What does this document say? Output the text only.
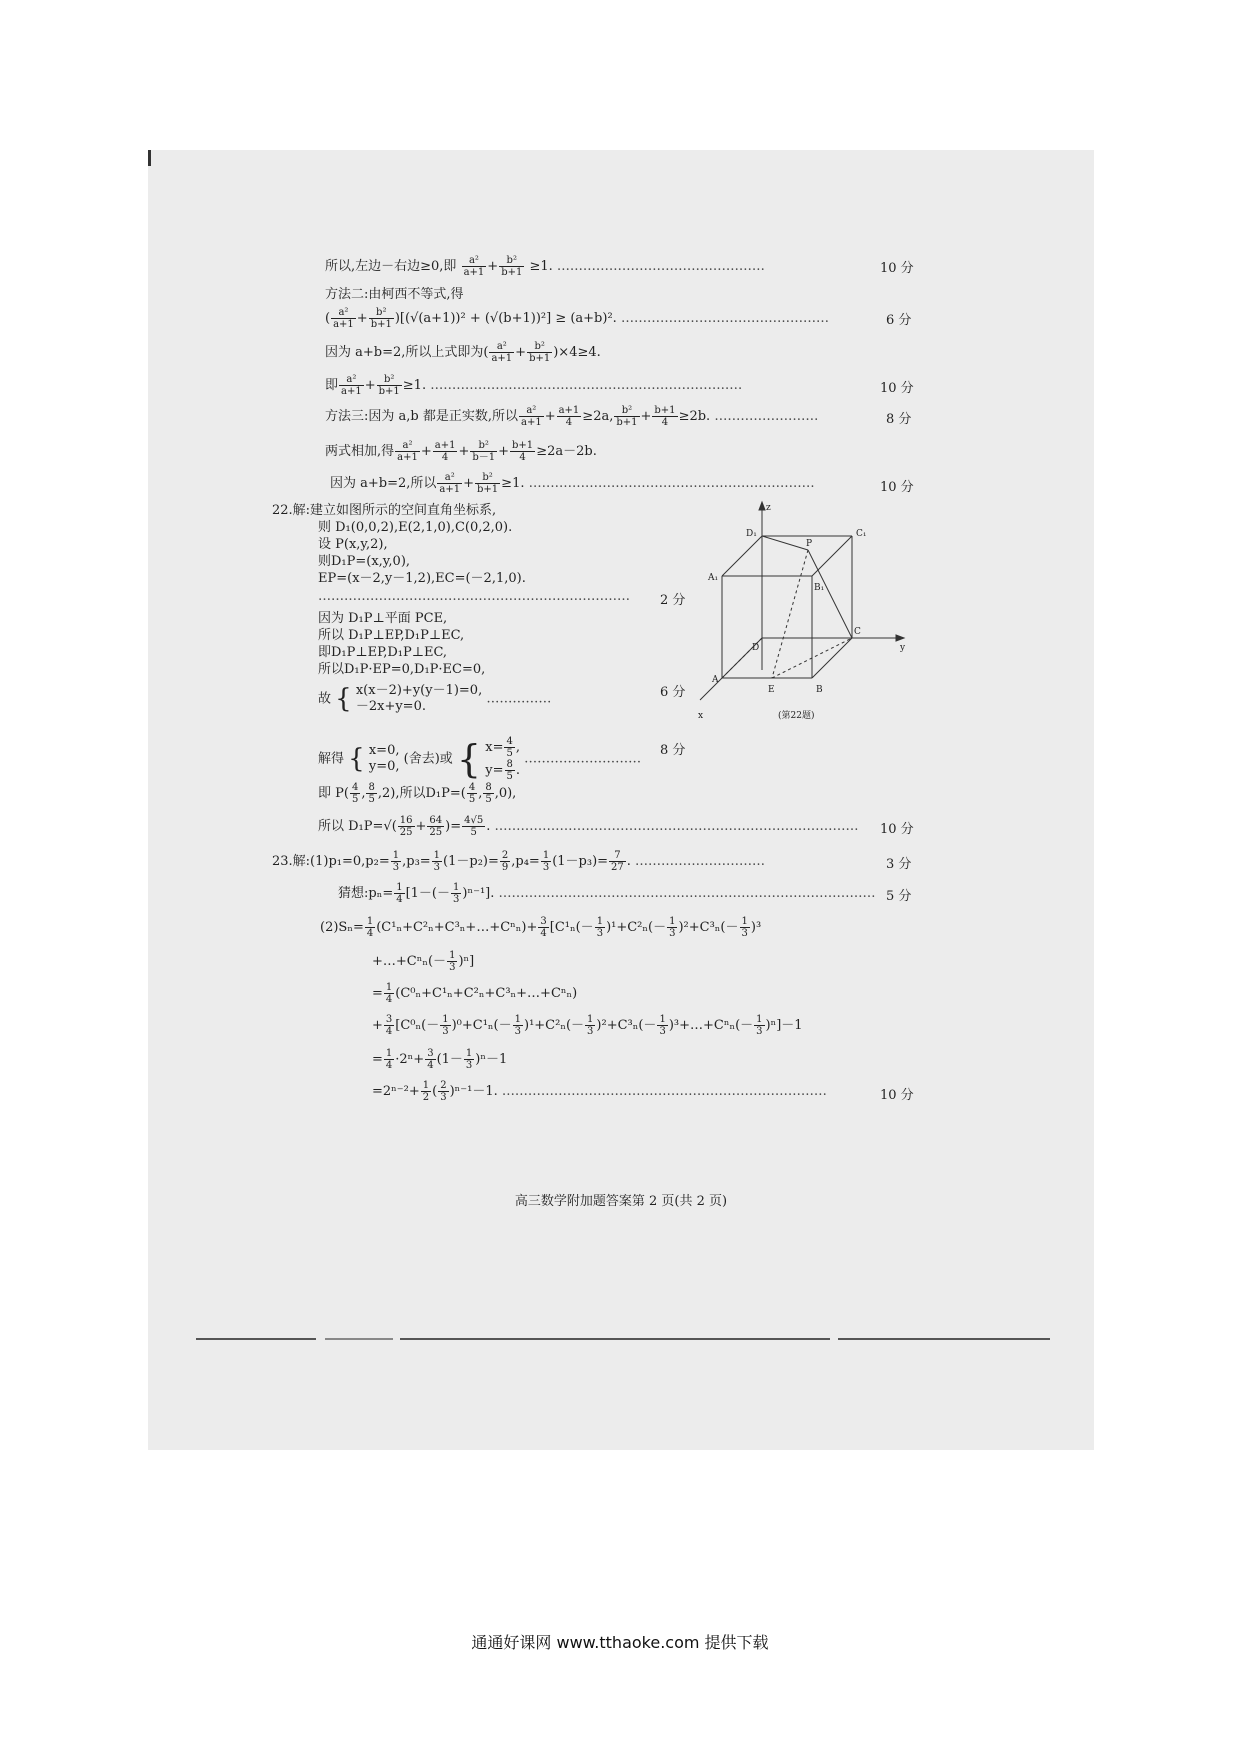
所以,左边－右边≥0,即 $\frac{\text{a²}}{a+1} + \frac{\text{b²}}{b+1} \ge 1$. …………………………………………	10 分
方法二:由柯西不等式,得
( $\frac{\text{a²}}{a+1} + \frac{\text{b²}}{b+1} )[(√(a+1))^2 + (√(b+1))^2] \ge (a+b)^2$. …………………………………………	6 分
因为 a+b=2,所以上式即为( $\frac{\text{a²}}{a+1} + \frac{\text{b²}}{b+1} )\times 4\ge 4$.
即 $\frac{\text{a²}}{a+1} + \frac{\text{b²}}{b+1} \ge 1$. ………………………………………………………………	10 分
方法三:因为 a,b 都是正实数,所以 $\frac{\text{a²}}{a+1} + \frac{a+1}{4} \ge 2a$, $\frac{\text{b²}}{b+1} + \frac{b+1}{4} \ge 2b$. ……………………	8 分
两式相加,得 $\frac{\text{a²}}{a+1} + \frac{a+1}{4} + \frac{\text{b²}}{b-1} + \frac{b+1}{4} \ge 2a-2b$.
因为 a+b=2,所以 $\frac{\text{a²}}{a+1} + \frac{\text{b²}}{b+1} \ge 1$. …………………………………………………………	10 分
22.解:建立如图所示的空间直角坐标系,
则 D₁(0,0,2),E(2,1,0),C(0,2,0).
设 P(x,y,2),
则D₁P=(x,y,0),
EP=(x－2,y－1,2),EC=(－2,1,0).
……………………………………………………………… 2 分
因为 D₁P⊥平面 PCE,
所以 D₁P⊥EP,D₁P⊥EC,
即D₁P⊥EP,D₁P⊥EC,
所以D₁P·EP=0,D₁P·EC=0,
故 { x(x－2)+y(y－1)=0,
－2x+y=0.	……………	6 分
解得 { x=0,
y=0, (舍去)或 { $x= \frac{4}{5}$ ,
$y= \frac{8}{5}$ . ………………………
8 分
即 $P( \frac{4}{5}$ , $\frac{8}{5} ,2$),所以$D_1P=( \frac{4}{5}$ , $\frac{8}{5} ,0$),
所以 $D_1P=√( \frac{16}{25} + \frac{64}{25}$ )= $\frac{4√5}{5}$ . ………………………………………………………………………… 10 分
z
D₁	C₁
P
A₁
B₁
D
C
y
A
E	B
x	(第22题)
23.解:(1)p₁=0,p₂= $\frac{1}{3} ,p_3= \frac{1}{3} (1-p_2)= \frac{2}{9} ,p_4= \frac{1}{3} (1-p_3)= \frac{7}{27}$ . …………………………	3 分
猜想:pₙ= $\frac{1}{4} [1-(- \frac{1}{3} )^{n-1}]$. …………………………………………………………………………… 5 分
$(2)S_n= \frac{1}{4}$ (C¹ₙ+C²ₙ+C³ₙ+…+Cⁿₙ)+ $\frac{3}{4} [C^1_n(- \frac{1}{3} )^1+C^2_n(- \frac{1}{3} )^2+C^3_n(- \frac{1}{3} )^3$
+…+Cⁿₙ(－ $\frac{1}{3} )^n$]
= $\frac{1}{4}$ (C⁰ₙ+C¹ₙ+C²ₙ+C³ₙ+…+Cⁿₙ)
+ $\frac{3}{4} [C^0_n(- \frac{1}{3} )^0+C^1_n(- \frac{1}{3} )^1+C^2_n(- \frac{1}{3} )^2+C^3_n(- \frac{1}{3}$ )³+…+Cⁿₙ(－ $\frac{1}{3} )^n]-1$
= $\frac{1}{4} \cdot 2^n+ \frac{3}{4} (1- \frac{1}{3} )^n-1$
$=2^{n-2}+ \frac{1}{2}$ ( $\frac{2}{3} )^{n-1}-1$. …………………………………………………………………	10 分
高三数学附加题答案第 2 页(共 2 页)
通通好课网 www.tthaoke.com 提供下载
